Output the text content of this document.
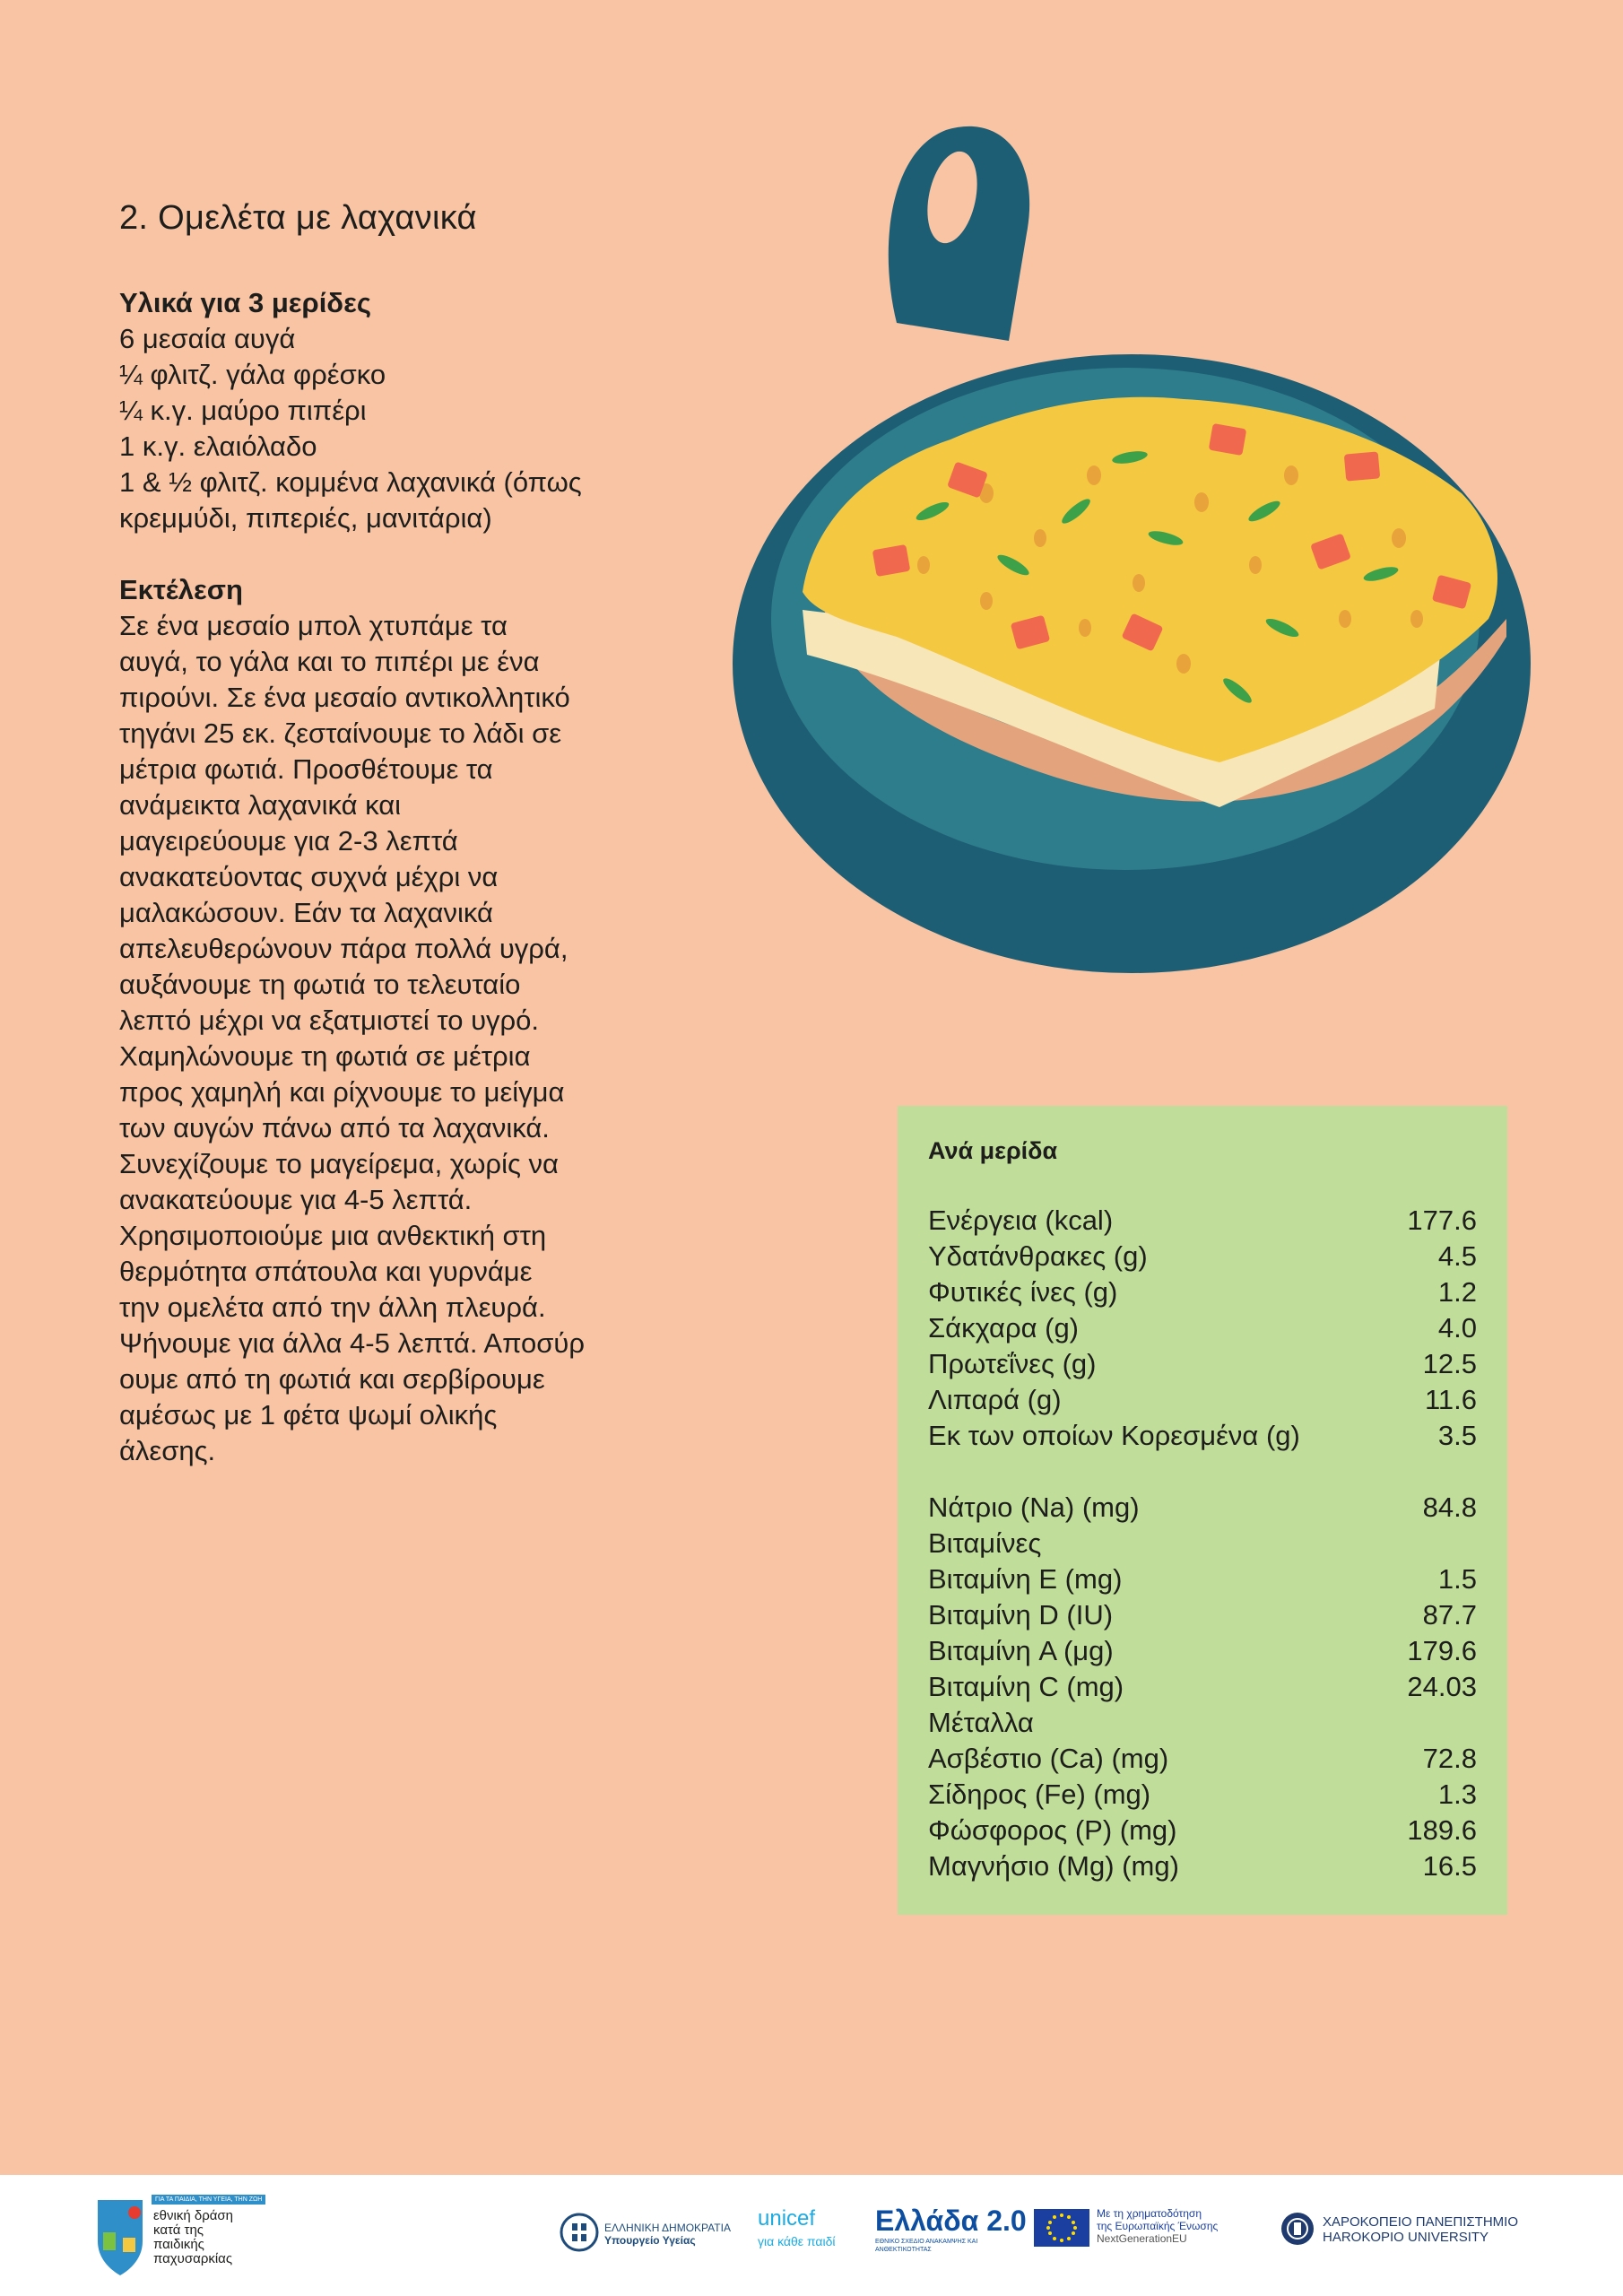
2. Ομελέτα με λαχανικά
Υλικά για 3 μερίδες
6 μεσαία αυγά
¼ φλιτζ. γάλα φρέσκο
¼ κ.γ. μαύρο πιπέρι
1 κ.γ. ελαιόλαδο
1 & ½ φλιτζ. κομμένα λαχανικά (όπως
κρεμμύδι, πιπεριές, μανιτάρια)
Εκτέλεση

Σε ένα μεσαίο μπολ χτυπάμε τα

αυγά, το γάλα και το πιπέρι με ένα

πιρούνι. Σε ένα μεσαίο αντικολλητικό

τηγάνι 25 εκ. ζεσταίνουμε το λάδι σε

μέτρια φωτιά. Προσθέτουμε τα

ανάμεικτα λαχανικά και

μαγειρεύουμε για 2-3 λεπτά

ανακατεύοντας συχνά μέχρι να

μαλακώσουν. Εάν τα λαχανικά

απελευθερώνουν πάρα πολλά υγρά,

αυξάνουμε τη φωτιά το τελευταίο

λεπτό μέχρι να εξατμιστεί το υγρό.

Χαμηλώνουμε τη φωτιά σε μέτρια

προς χαμηλή και ρίχνουμε το μείγμα

των αυγών πάνω από τα λαχανικά.

Συνεχίζουμε το μαγείρεμα, χωρίς να

ανακατεύουμε για 4-5 λεπτά.

Χρησιμοποιούμε μια ανθεκτική στη

θερμότητα σπάτουλα και γυρνάμε

την ομελέτα από την άλλη πλευρά.

Ψήνουμε για άλλα 4-5 λεπτά. Αποσύρ

ουμε από τη φωτιά και σερβίρουμε

αμέσως με 1 φέτα ψωμί ολικής

άλεσης.

Ανά μερίδα
Ενέργεια (kcal)	177.6
Υδατάνθρακες (g)	4.5
Φυτικές ίνες (g)	1.2
Σάκχαρα (g)	4.0
Πρωτεΐνες (g)	12.5
Λιπαρά (g)	11.6
Εκ των οποίων Κορεσμένα (g)	3.5
Νάτριο (Na) (mg)	84.8
Βιταμίνες
Βιταμίνη E (mg)	1.5
Βιταμίνη D (IU)	87.7
Βιταμίνη A (μg)	179.6
Βιταμίνη C (mg)	24.03
Μέταλλα
Ασβέστιο (Ca) (mg)	72.8
Σίδηρος (Fe) (mg)	1.3
Φώσφορος (P) (mg)	189.6
Μαγνήσιο (Mg) (mg)	16.5
ΓΙΑ ΤΑ ΠΑΙΔΙΑ, ΤΗΝ ΥΓΕΙΑ, ΤΗΝ ΖΩΗ
εθνική δράση
κατά της
παιδικής
παχυσαρκίας
ΕΛΛΗΝΙΚΗ ΔΗΜΟΚΡΑΤΙΑ
Υπουργείο Υγείας
unicef
για κάθε παιδί
Ελλάδα 2.0
ΕΘΝΙΚΟ ΣΧΕΔΙΟ ΑΝΑΚΑΜΨΗΣ ΚΑΙ ΑΝΘΕΚΤΙΚΟΤΗΤΑΣ
Με τη χρηματοδότηση
της Ευρωπαϊκής Ένωσης
NextGenerationEU
ΧΑΡΟΚΟΠΕΙΟ ΠΑΝΕΠΙΣΤΗΜΙΟ
HAROKOPIO UNIVERSITY
